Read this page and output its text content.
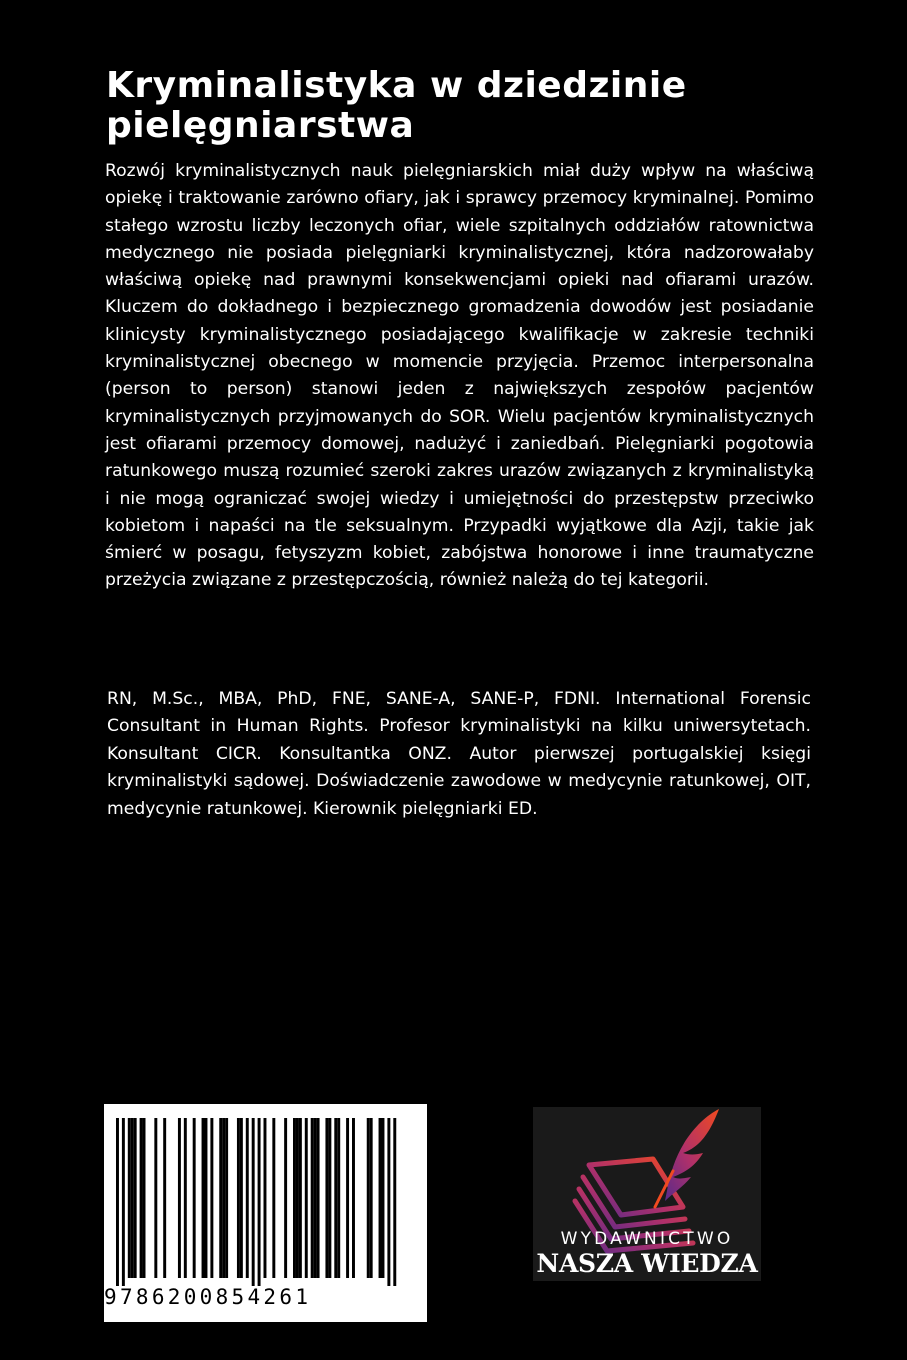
Kryminalistyka w dziedzinie pielęgniarstwa

Rozwój kryminalistycznych nauk pielęgniarskich miał duży wpływ na właściwą opiekę i traktowanie zarówno ofiary, jak i sprawcy przemocy kryminalnej. Pomimo stałego wzrostu liczby leczonych ofiar, wiele szpitalnych oddziałów ratownictwa medycznego nie posiada pielęgniarki kryminalistycznej, która nadzorowałaby właściwą opiekę nad prawnymi konsekwencjami opieki nad ofiarami urazów. Kluczem do dokładnego i bezpiecznego gromadzenia dowodów jest posiadanie klinicysty kryminalistycznego posiadającego kwalifikacje w zakresie techniki kryminalistycznej obecnego w momencie przyjęcia. Przemoc interpersonalna (person to person) stanowi jeden z największych zespołów pacjentów kryminalistycznych przyjmowanych do SOR. Wielu pacjentów kryminalistycznych jest ofiarami przemocy domowej, nadużyć i zaniedbań. Pielęgniarki pogotowia ratunkowego muszą rozumieć szeroki zakres urazów związanych z kryminalistyką i nie mogą ograniczać swojej wiedzy i umiejętności do przestępstw przeciwko kobietom i napaści na tle seksualnym. Przypadki wyjątkowe dla Azji, takie jak śmierć w posagu, fetyszyzm kobiet, zabójstwa honorowe i inne traumatyczne przeżycia związane z przestępczością, również należą do tej kategorii.

RN, M.Sc., MBA, PhD, FNE, SANE-A, SANE-P, FDNI. International Forensic Consultant in Human Rights. Profesor kryminalistyki na kilku uniwersytetach. Konsultant CICR. Konsultantka ONZ. Autor pierwszej portugalskiej księgi kryminalistyki sądowej. Doświadczenie zawodowe w medycynie ratunkowej, OIT, medycynie ratunkowej. Kierownik pielęgniarki ED.

9786200854261
WYDAWNICTWO
NASZA WIEDZA
